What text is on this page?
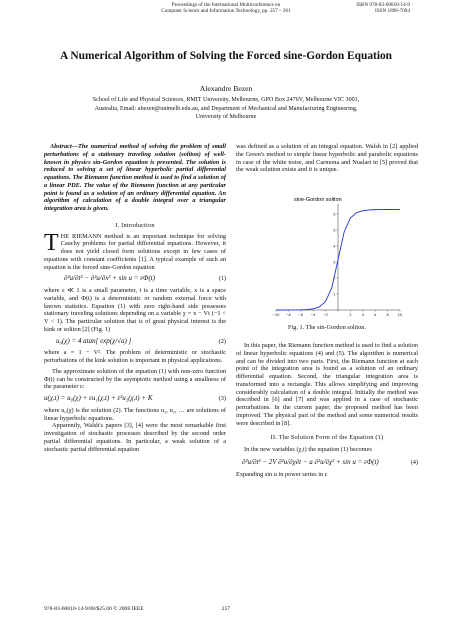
Proceedings of the International Multiconference on
Computer Science and Information Technology, pp. 257 – 261
ISBN 978-83-60810-14-9
ISSN 1896-7094
A Numerical Algorithm of Solving the Forced sine-Gordon Equation
Alexandre Bezen
School of Life and Physical Sciences, RMIT University, Melbourne, GPO Box 2476V, Melbourne VIC 3001,
Australia, Email: abezen@unimelb.edu.au, and Department of Mechanical and Manufacturing Engineering,
University of Melbourne
Abstract—The numerical method of solving the problem of small perturbations of a stationary traveling solution (soliton) of well-known in physics sin-Gordon equation is presented. The solution is reduced to solving a set of linear hyperbolic partial differential equations. The Riemann function method is used to find a solution of a linear PDE. The value of the Riemann function at any particular point is found as a solution of an ordinary differential equation. An algorithm of calculation of a double integral over a triangular integration area is given.
I. Introduction
THE RIEMANN method is an important technique for solving Cauchy problems for partial differential equations. However, it does not yield closed form solutions except in few cases of equations with constant coefficients [1]. A typical example of such an equation is the forced sine-Gordon equation
∂²u/∂t² − ∂²u/∂x² + sin u = εΦ(t)	(1)
where ε ≪ 1 is a small parameter, t is a time variable, x is a space variable, and Φ(t) is a deterministic or random external force with known statistics. Equation (1) with zero right-hand side possesses stationary traveling solutions depending on a variable χ = x − Vt (−1 < V < 1). The particular solution that is of great physical interest is the kink or soliton [2] (Fig. 1)
u₀(χ) = 4 atan[ exp(χ/√a) ]	(2)
where a = 1 − V². The problem of deterministic or stochastic perturbations of the kink solution is important in physical applications.
The approximate solution of the equation (1) with non-zero function Φ(t) can be constructed by the asymptotic method using a smallness of the parameter ε:
u(χ,t) = u₀(χ) + εu₁(χ,t) + ε²u₂(χ,t) + K	(3)
where u₀(χ) is the solution (2). The functions u₁, u₂, … are solutions of linear hyperbolic equations.
Apparently, Walsh's papers [3], [4] were the most remarkable first investigation of stochastic processes described by the second order partial differential equations. In particular, a weak solution of a stochastic partial differential equation
was defined as a solution of an integral equation. Walsh in [2] applied the Green's method to simple linear hyperbolic and parabolic equations in case of the white noise, and Carmona and Nualart in [5] proved that the weak solution exists and it is unique.
sine-Gordon soliton
−10 −8 −6 −4 −2	2	4	6	8 10
1
2
3
4
5
6
Fig. 1. The sin-Gordon soliton.
In this paper, the Riemann function method is used to find a solution of linear hyperbolic equations (4) and (5). The algorithm is numerical and can be divided into two parts. First, the Riemann function at each point of the integration area is found as a solution of an ordinary differential equation. Second, the triangular integration area is transformed into a rectangle. This allows simplifying and improving considerably calculation of a double integral. Initially the method was described in [6] and [7] and was applied in a case of stochastic perturbations. In the current paper, the proposed method has been improved. The physical part of the method and some numerical results were described in [8].
II. The Solution Form of the Equation (1)
In the new variables (χ,t) the equation (1) becomes
∂²u/∂t² − 2V ∂²u/∂χ∂t − a ∂²u/∂χ² + sin u = εΦ(t)	(4)
Expanding sin u in power series in ε
978-83-60810-14-9/08/$25.00 © 2008 IEEE	257
